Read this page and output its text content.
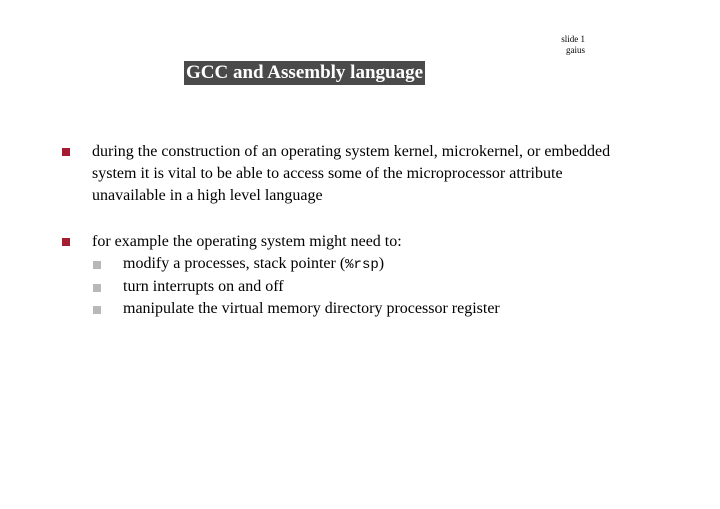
slide 1
gaius
GCC and Assembly language
during the construction of an operating system kernel, microkernel, or embedded system it is vital to be able to access some of the microprocessor attribute unavailable in a high level language
for example the operating system might need to:
modify a processes, stack pointer (%rsp)
turn interrupts on and off
manipulate the virtual memory directory processor register
